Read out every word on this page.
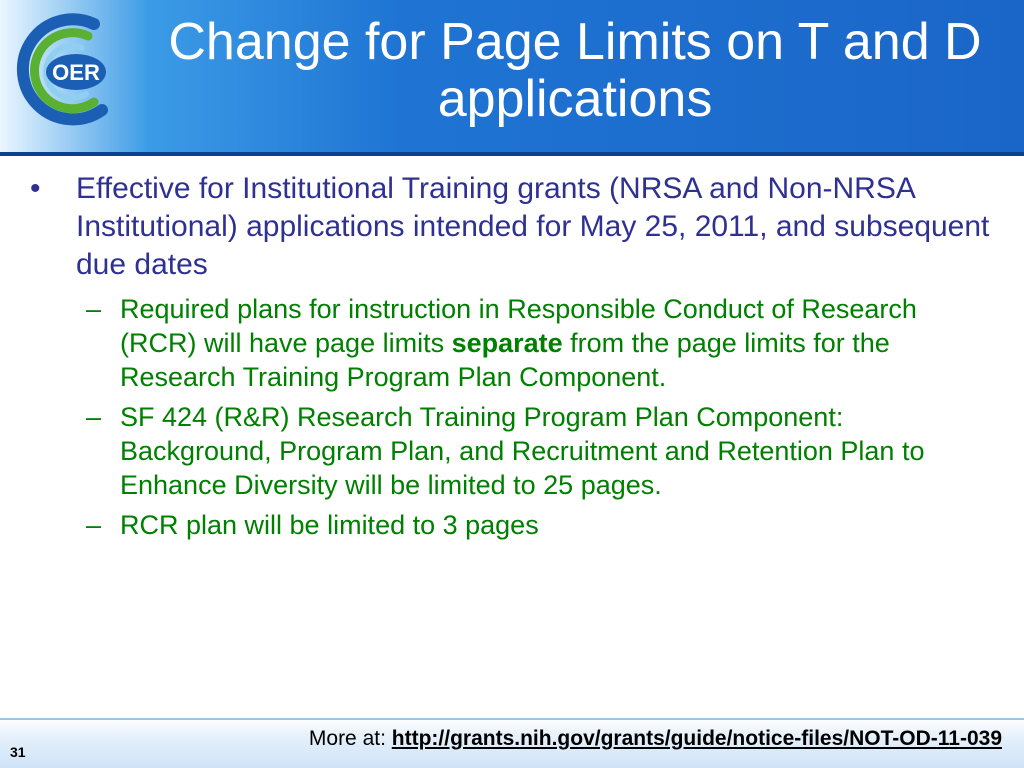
OER
Change for Page Limits on T and D applications

• Effective for Institutional Training grants (NRSA and Non-NRSA Institutional) applications intended for May 25, 2011, and subsequent due dates

– Required plans for instruction in Responsible Conduct of Research (RCR) will have page limits separate from the page limits for the Research Training Program Plan Component.

– SF 424 (R&R) Research Training Program Plan Component: Background, Program Plan, and Recruitment and Retention Plan to Enhance Diversity will be limited to 25 pages.

– RCR plan will be limited to 3 pages

More at: http://grants.nih.gov/grants/guide/notice-files/NOT-OD-11-039
31
